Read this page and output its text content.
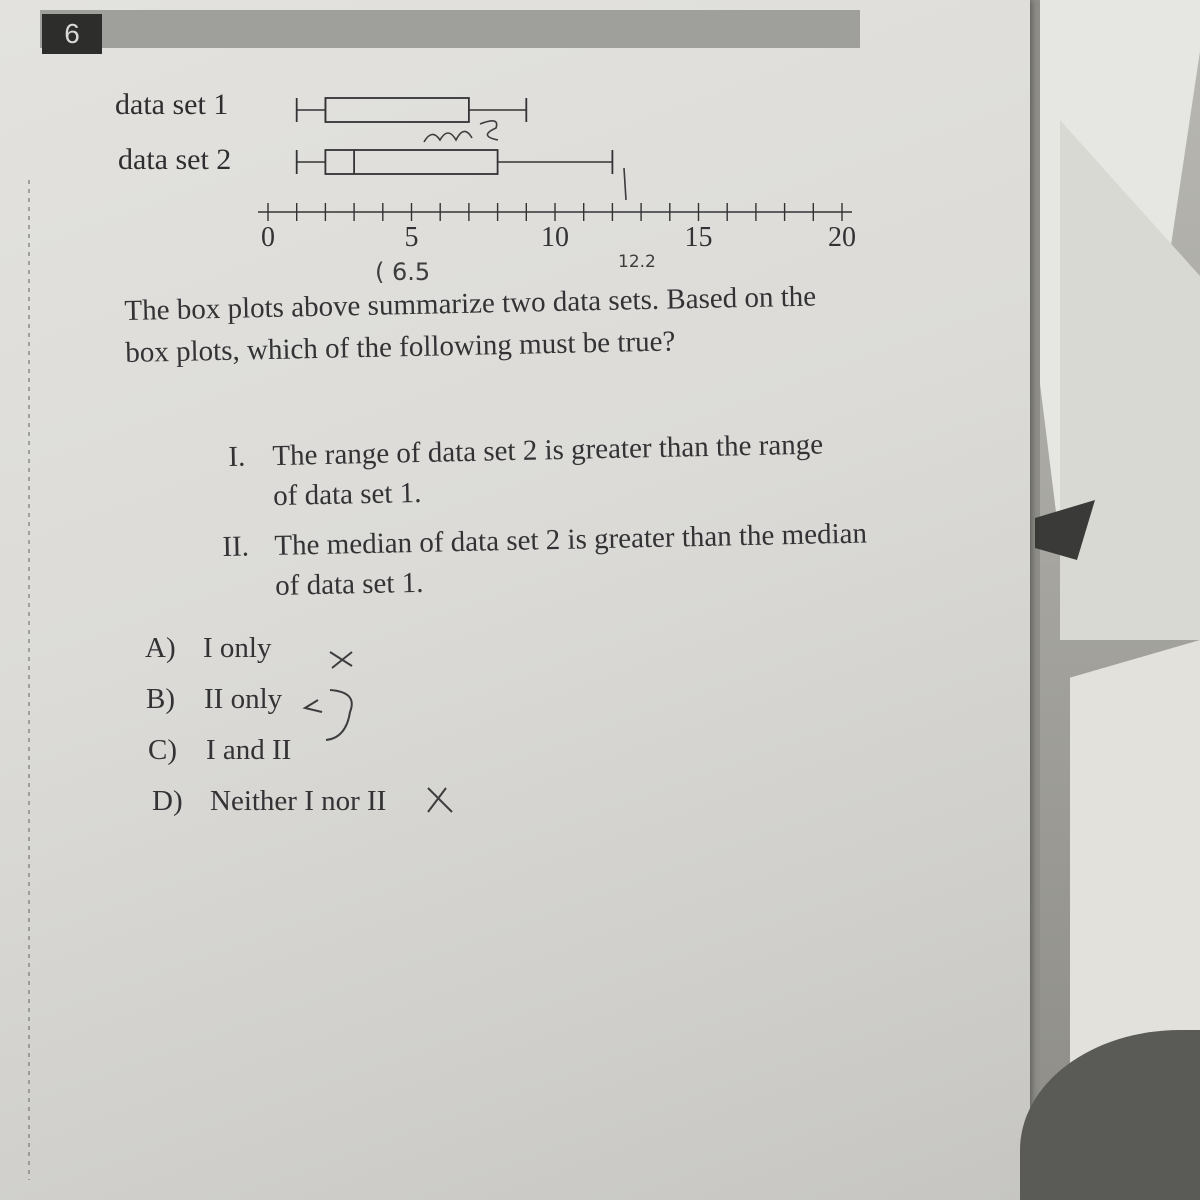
6
data set 1
data set 2
0	5	10	15	20
( 6.5	12.2
The box plots above summarize two data sets. Based on the box plots, which of the following must be true?
I. The range of data set 2 is greater than the range of data set 1.
II. The median of data set 2 is greater than the median of data set 1.
A) I only
B) II only
C) I and II
D) Neither I nor II
